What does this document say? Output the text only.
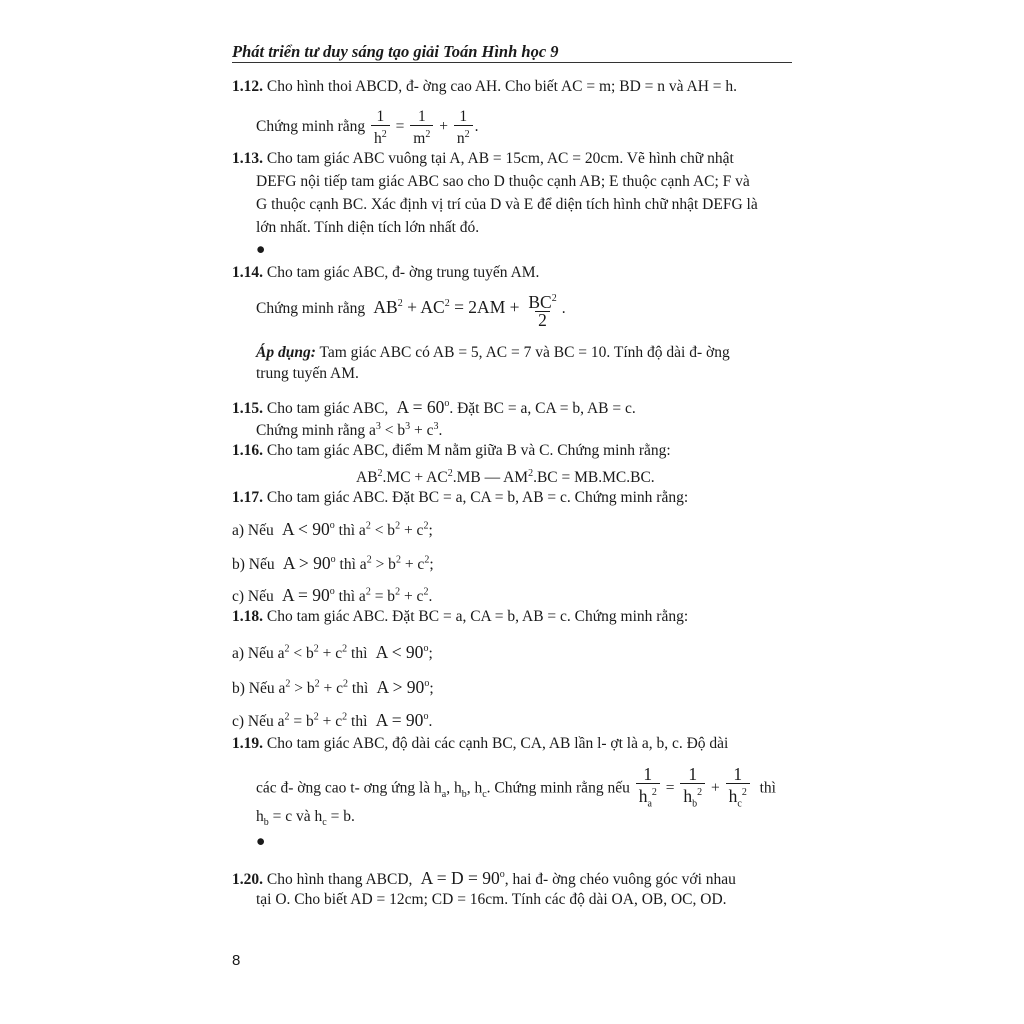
Phát triển tư duy sáng tạo giải Toán Hình học 9
1.12. Cho hình thoi ABCD, đ- ờng cao AH. Cho biết AC = m; BD = n và AH = h.
Chứng minh rằng $\frac{1}{h^2} = \frac{1}{m^2} + \frac{1}{n^2}$ .
1.13. Cho tam giác ABC vuông tại A, AB = 15cm, AC = 20cm. Vẽ hình chữ nhật
DEFG nội tiếp tam giác ABC sao cho D thuộc cạnh AB; E thuộc cạnh AC; F và
G thuộc cạnh BC. Xác định vị trí của D và E để diện tích hình chữ nhật DEFG là
lớn nhất. Tính diện tích lớn nhất đó.
●
1.14. Cho tam giác ABC, đ- ờng trung tuyến AM.
Chứng minh rằng  $AB^2 + AC^2 = 2AM + \frac{BC^2}{2}$ .
Áp dụng: Tam giác ABC có AB = 5, AC = 7 và BC = 10. Tính độ dài đ- ờng
trung tuyến AM.
1.15. Cho tam giác ABC,  $A = 60^o$. Đặt BC = a, CA = b, AB = c.
Chứng minh rằng $a^3 < b^3 + c^3$.
1.16. Cho tam giác ABC, điểm M nằm giữa B và C. Chứng minh rằng:
$AB^2.MC + AC^2.MB$ — $AM^2.BC = MB.MC.BC$.
1.17. Cho tam giác ABC. Đặt BC = a, CA = b, AB = c. Chứng minh rằng:
a) Nếu  $A < 90^o$ thì $a^2 < b^2 + c^2$;
b) Nếu  $A > 90^o$ thì $a^2 > b^2 + c^2$;
c) Nếu  $A = 90^o$ thì $a^2 = b^2 + c^2$.
1.18. Cho tam giác ABC. Đặt BC = a, CA = b, AB = c. Chứng minh rằng:
a) Nếu $a^2 < b^2 + c^2$ thì  $A < 90^o$;
b) Nếu $a^2 > b^2 + c^2$ thì  $A > 90^o$;
c) Nếu $a^2 = b^2 + c^2$ thì  $A = 90^o$.
1.19. Cho tam giác ABC, độ dài các cạnh BC, CA, AB lần l- ợt là a, b, c. Độ dài
các đ- ờng cao t- ơng ứng là $h_a$, $h_b$, $h_c$. Chứng minh rằng nếu $\frac{1}{h_a^2} = \frac{1}{h_b^2} + \frac{1}{h_c^2}$ thì
$h_b = c$ và $h_c = b$.
●
1.20. Cho hình thang ABCD,  $A = D = 90^o$, hai đ- ờng chéo vuông góc với nhau
tại O. Cho biết AD = 12cm; CD = 16cm. Tính các độ dài OA, OB, OC, OD.
8
